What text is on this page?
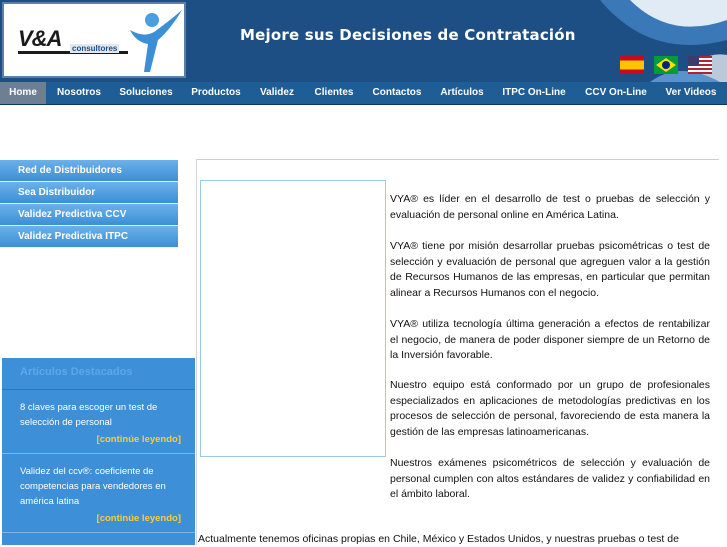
V&A consultores
Mejore sus Decisiones de Contratación
Home	Nosotros	Soluciones	Productos	Validez	Clientes	Contactos	Artículos	ITPC On-Line	CCV On-Line	Ver Videos
Red de Distribuidores
Sea Distribuidor
Validez Predictiva CCV
Validez Predictiva ITPC
Artículos Destacados
8 claves para escoger un test de selección de personal
[continúe leyendo]
Validez del ccv®: coeficiente de competencias para vendedores en américa latina
[continúe leyendo]
VYA® es líder en el desarrollo de test o pruebas de selección y evaluación de personal online en América Latina.
VYA® tiene por misión desarrollar pruebas psicométricas o test de selección y evaluación de personal que agreguen valor a la gestión de Recursos Humanos de las empresas, en particular que permitan alinear a Recursos Humanos con el negocio.
VYA® utiliza tecnología última generación a efectos de rentabilizar el negocio, de manera de poder disponer siempre de un Retorno de la Inversión favorable.
Nuestro equipo está conformado por un grupo de profesionales especializados en aplicaciones de metodologías predictivas en los procesos de selección de personal, favoreciendo de esta manera la gestión de las empresas latinoamericanas.
Nuestros exámenes psicométricos de selección y evaluación de personal cumplen con altos estándares de validez y confiabilidad en el ámbito laboral.
Actualmente tenemos oficinas propias en Chile, México y Estados Unidos, y nuestras pruebas o test de
